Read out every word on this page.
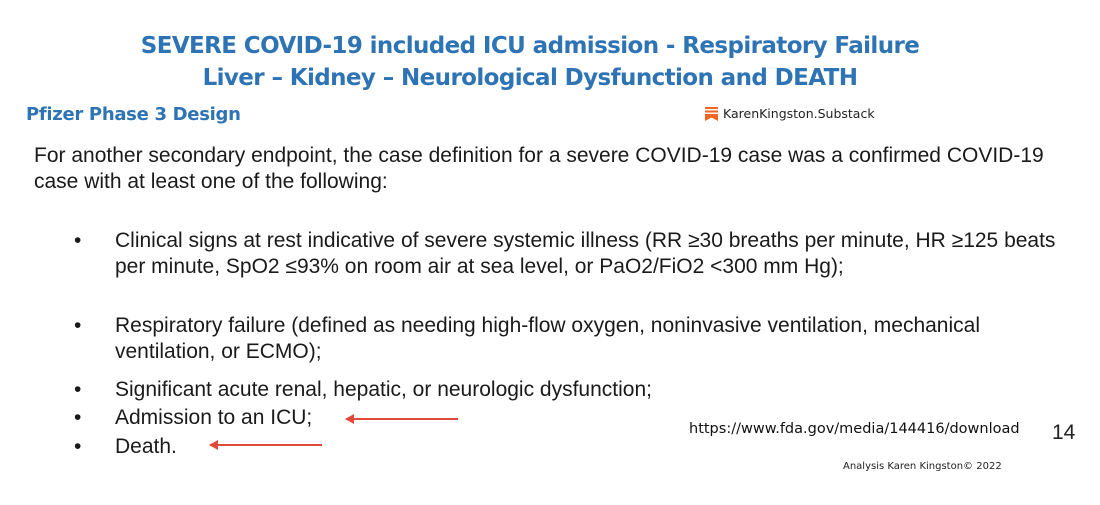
SEVERE COVID-19 included ICU admission - Respiratory Failure
Liver – Kidney – Neurological Dysfunction and DEATH
Pfizer Phase 3 Design	KarenKingston.Substack
For another secondary endpoint, the case definition for a severe COVID-19 case was a confirmed COVID-19 case with at least one of the following:
• Clinical signs at rest indicative of severe systemic illness (RR ≥30 breaths per minute, HR ≥125 beats per minute, SpO2 ≤93% on room air at sea level, or PaO2/FiO2 <300 mm Hg);
• Respiratory failure (defined as needing high-flow oxygen, noninvasive ventilation, mechanical ventilation, or ECMO);
• Significant acute renal, hepatic, or neurologic dysfunction;
• Admission to an ICU;
• Death.
https://www.fda.gov/media/144416/download 14
Analysis Karen Kingston© 2022
